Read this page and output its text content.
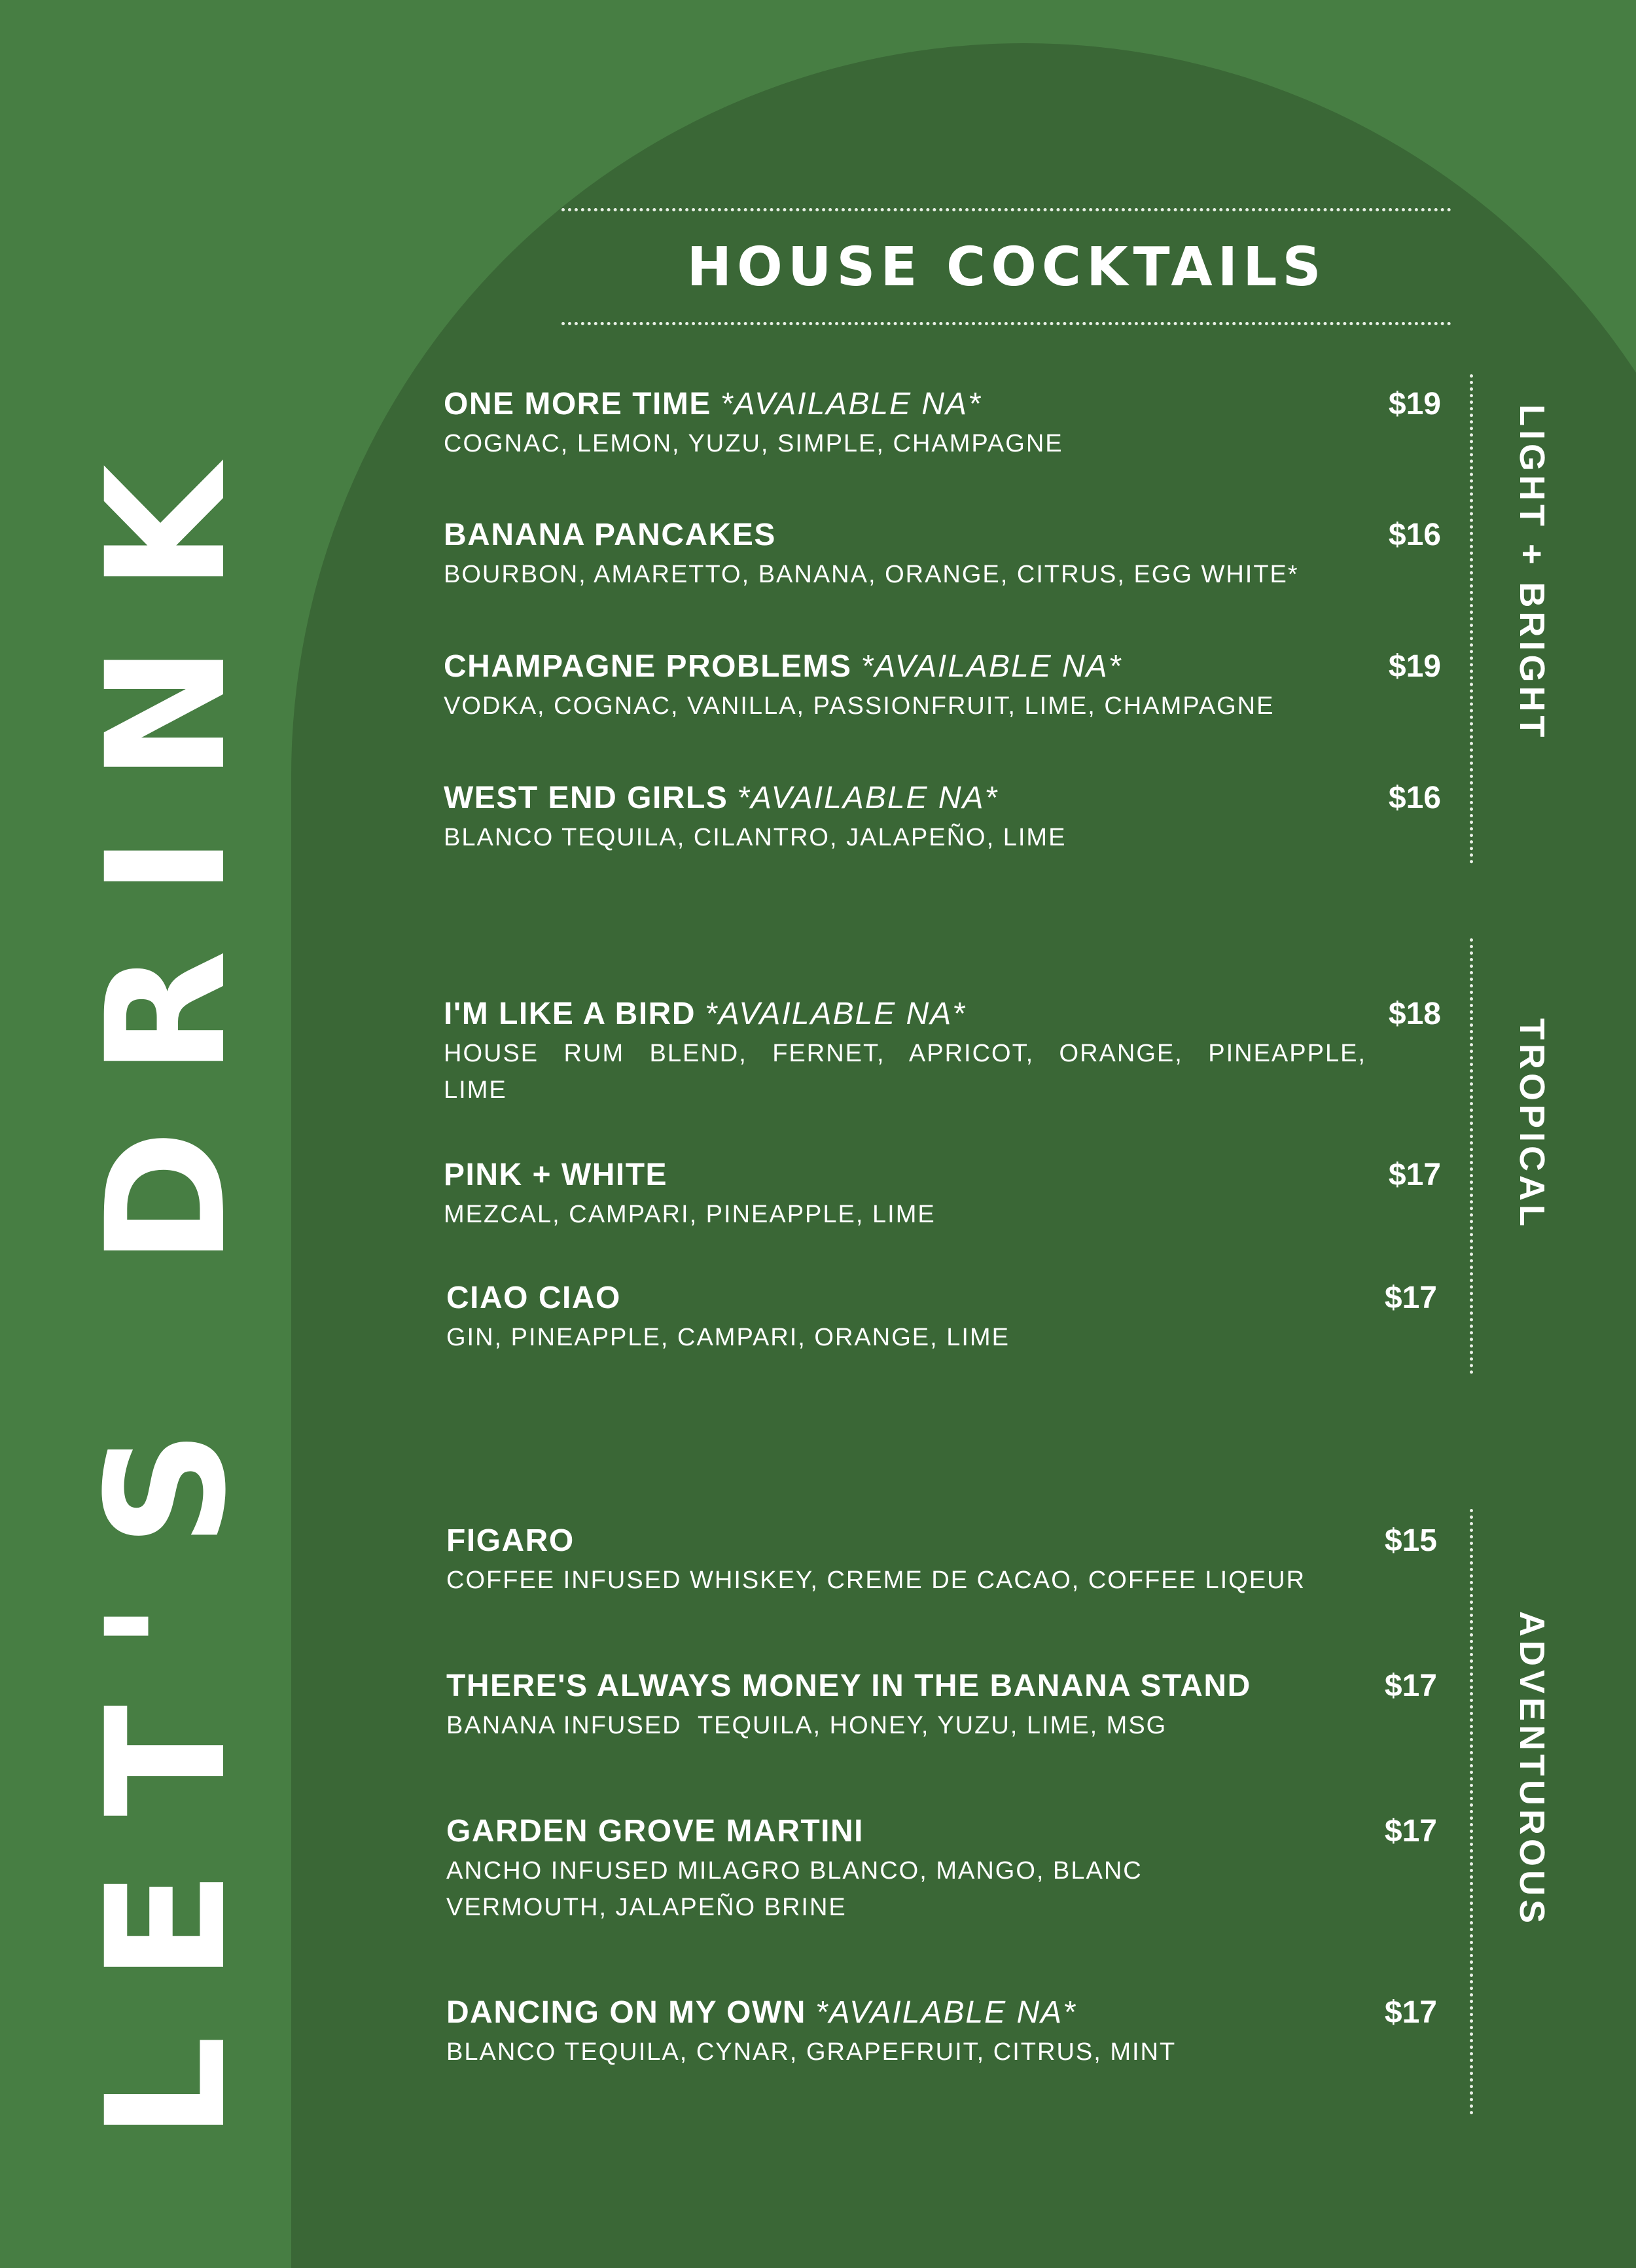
LET'S DRINK
HOUSE COCKTAILS
ONE MORE TIME *AVAILABLE NA*
COGNAC, LEMON, YUZU, SIMPLE, CHAMPAGNE
$19
BANANA PANCAKES
BOURBON, AMARETTO, BANANA, ORANGE, CITRUS, EGG WHITE*
$16
CHAMPAGNE PROBLEMS *AVAILABLE NA*
VODKA, COGNAC, VANILLA, PASSIONFRUIT, LIME, CHAMPAGNE
$19
WEST END GIRLS *AVAILABLE NA*
BLANCO TEQUILA, CILANTRO, JALAPEÑO, LIME
$16
I'M LIKE A BIRD *AVAILABLE NA*
HOUSE RUM BLEND, FERNET, APRICOT, ORANGE, PINEAPPLE, LIME
$18
PINK + WHITE
MEZCAL, CAMPARI, PINEAPPLE, LIME
$17
CIAO CIAO
GIN, PINEAPPLE, CAMPARI, ORANGE, LIME
$17
FIGARO
COFFEE INFUSED WHISKEY, CREME DE CACAO, COFFEE LIQEUR
$15
THERE'S ALWAYS MONEY IN THE BANANA STAND
BANANA INFUSED  TEQUILA, HONEY, YUZU, LIME, MSG
$17
GARDEN GROVE MARTINI
ANCHO INFUSED MILAGRO BLANCO, MANGO, BLANC VERMOUTH, JALAPEÑO BRINE
$17
DANCING ON MY OWN *AVAILABLE NA*
BLANCO TEQUILA, CYNAR, GRAPEFRUIT, CITRUS, MINT
$17
LIGHT + BRIGHT
TROPICAL
ADVENTUROUS
